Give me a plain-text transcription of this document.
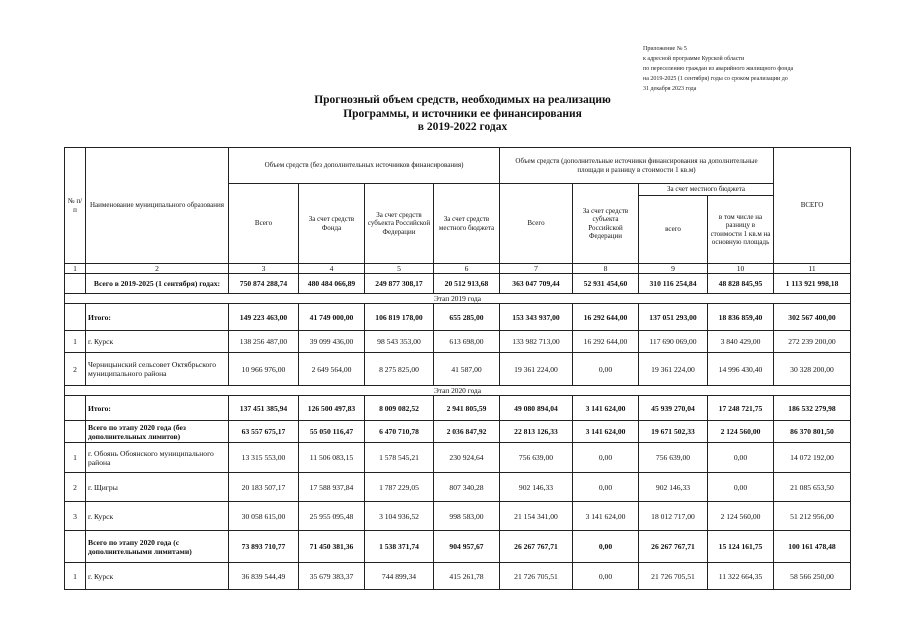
Приложение № 5
к адресной программе Курской области
по переселению граждан из аварийного жилищного фонда
на 2019-2025 (1 сентября) годы со сроком реализации до
31 декабря 2023 года
Прогнозный объем средств, необходимых на реализацию
Программы, и источники ее финансирования
в 2019-2022 годах
№ п/п	Наименование муниципального образования	Объем средств (без дополнительных источников финансирования)				Объем средств (дополнительные источники финансирования на дополнительные площади и разницу в стоимости 1 кв.м)				ВСЕГО
		Всего	За счет средств Фонда	За счет средств субъекта Российской Федерации	За счет средств местного бюджета	Всего	За счет средств субъекта Российской Федерации	За счет местного бюджета		
								всего	в том числе на разницу в стоимости 1 кв.м на основную площадь	
1	2	3	4	5	6	7	8	9	10	11
	Всего в 2019-2025 (1 сентября) годах:	750 874 288,74	480 484 066,89	249 877 308,17	20 512 913,68	363 047 709,44	52 931 454,60	310 116 254,84	48 828 845,95	1 113 921 998,18
Этап 2019 года										
	Итого:	149 223 463,00	41 749 000,00	106 819 178,00	655 285,00	153 343 937,00	16 292 644,00	137 051 293,00	18 836 859,40	302 567 400,00
1	г. Курск	138 256 487,00	39 099 436,00	98 543 353,00	613 698,00	133 982 713,00	16 292 644,00	117 690 069,00	3 840 429,00	272 239 200,00
2	Черницынский сельсовет Октябрьского муниципального района	10 966 976,00	2 649 564,00	8 275 825,00	41 587,00	19 361 224,00	0,00	19 361 224,00	14 996 430,40	30 328 200,00
Этап 2020 года										
	Итого:	137 451 385,94	126 500 497,83	8 009 082,52	2 941 805,59	49 080 894,04	3 141 624,00	45 939 270,04	17 248 721,75	186 532 279,98
	Всего по этапу 2020 года (без дополнительных лимитов)	63 557 675,17	55 050 116,47	6 470 710,78	2 036 847,92	22 813 126,33	3 141 624,00	19 671 502,33	2 124 560,00	86 370 801,50
1	г. Обоянь Обоянского муниципального района	13 315 553,00	11 506 083,15	1 578 545,21	230 924,64	756 639,00	0,00	756 639,00	0,00	14 072 192,00
2	г. Щигры	20 183 507,17	17 588 937,84	1 787 229,05	807 340,28	902 146,33	0,00	902 146,33	0,00	21 085 653,50
3	г. Курск	30 058 615,00	25 955 095,48	3 104 936,52	998 583,00	21 154 341,00	3 141 624,00	18 012 717,00	2 124 560,00	51 212 956,00
	Всего по этапу 2020 года (с дополнительными лимитами)	73 893 710,77	71 450 381,36	1 538 371,74	904 957,67	26 267 767,71	0,00	26 267 767,71	15 124 161,75	100 161 478,48
1	г. Курск	36 839 544,49	35 679 383,37	744 899,34	415 261,78	21 726 705,51	0,00	21 726 705,51	11 322 664,35	58 566 250,00
